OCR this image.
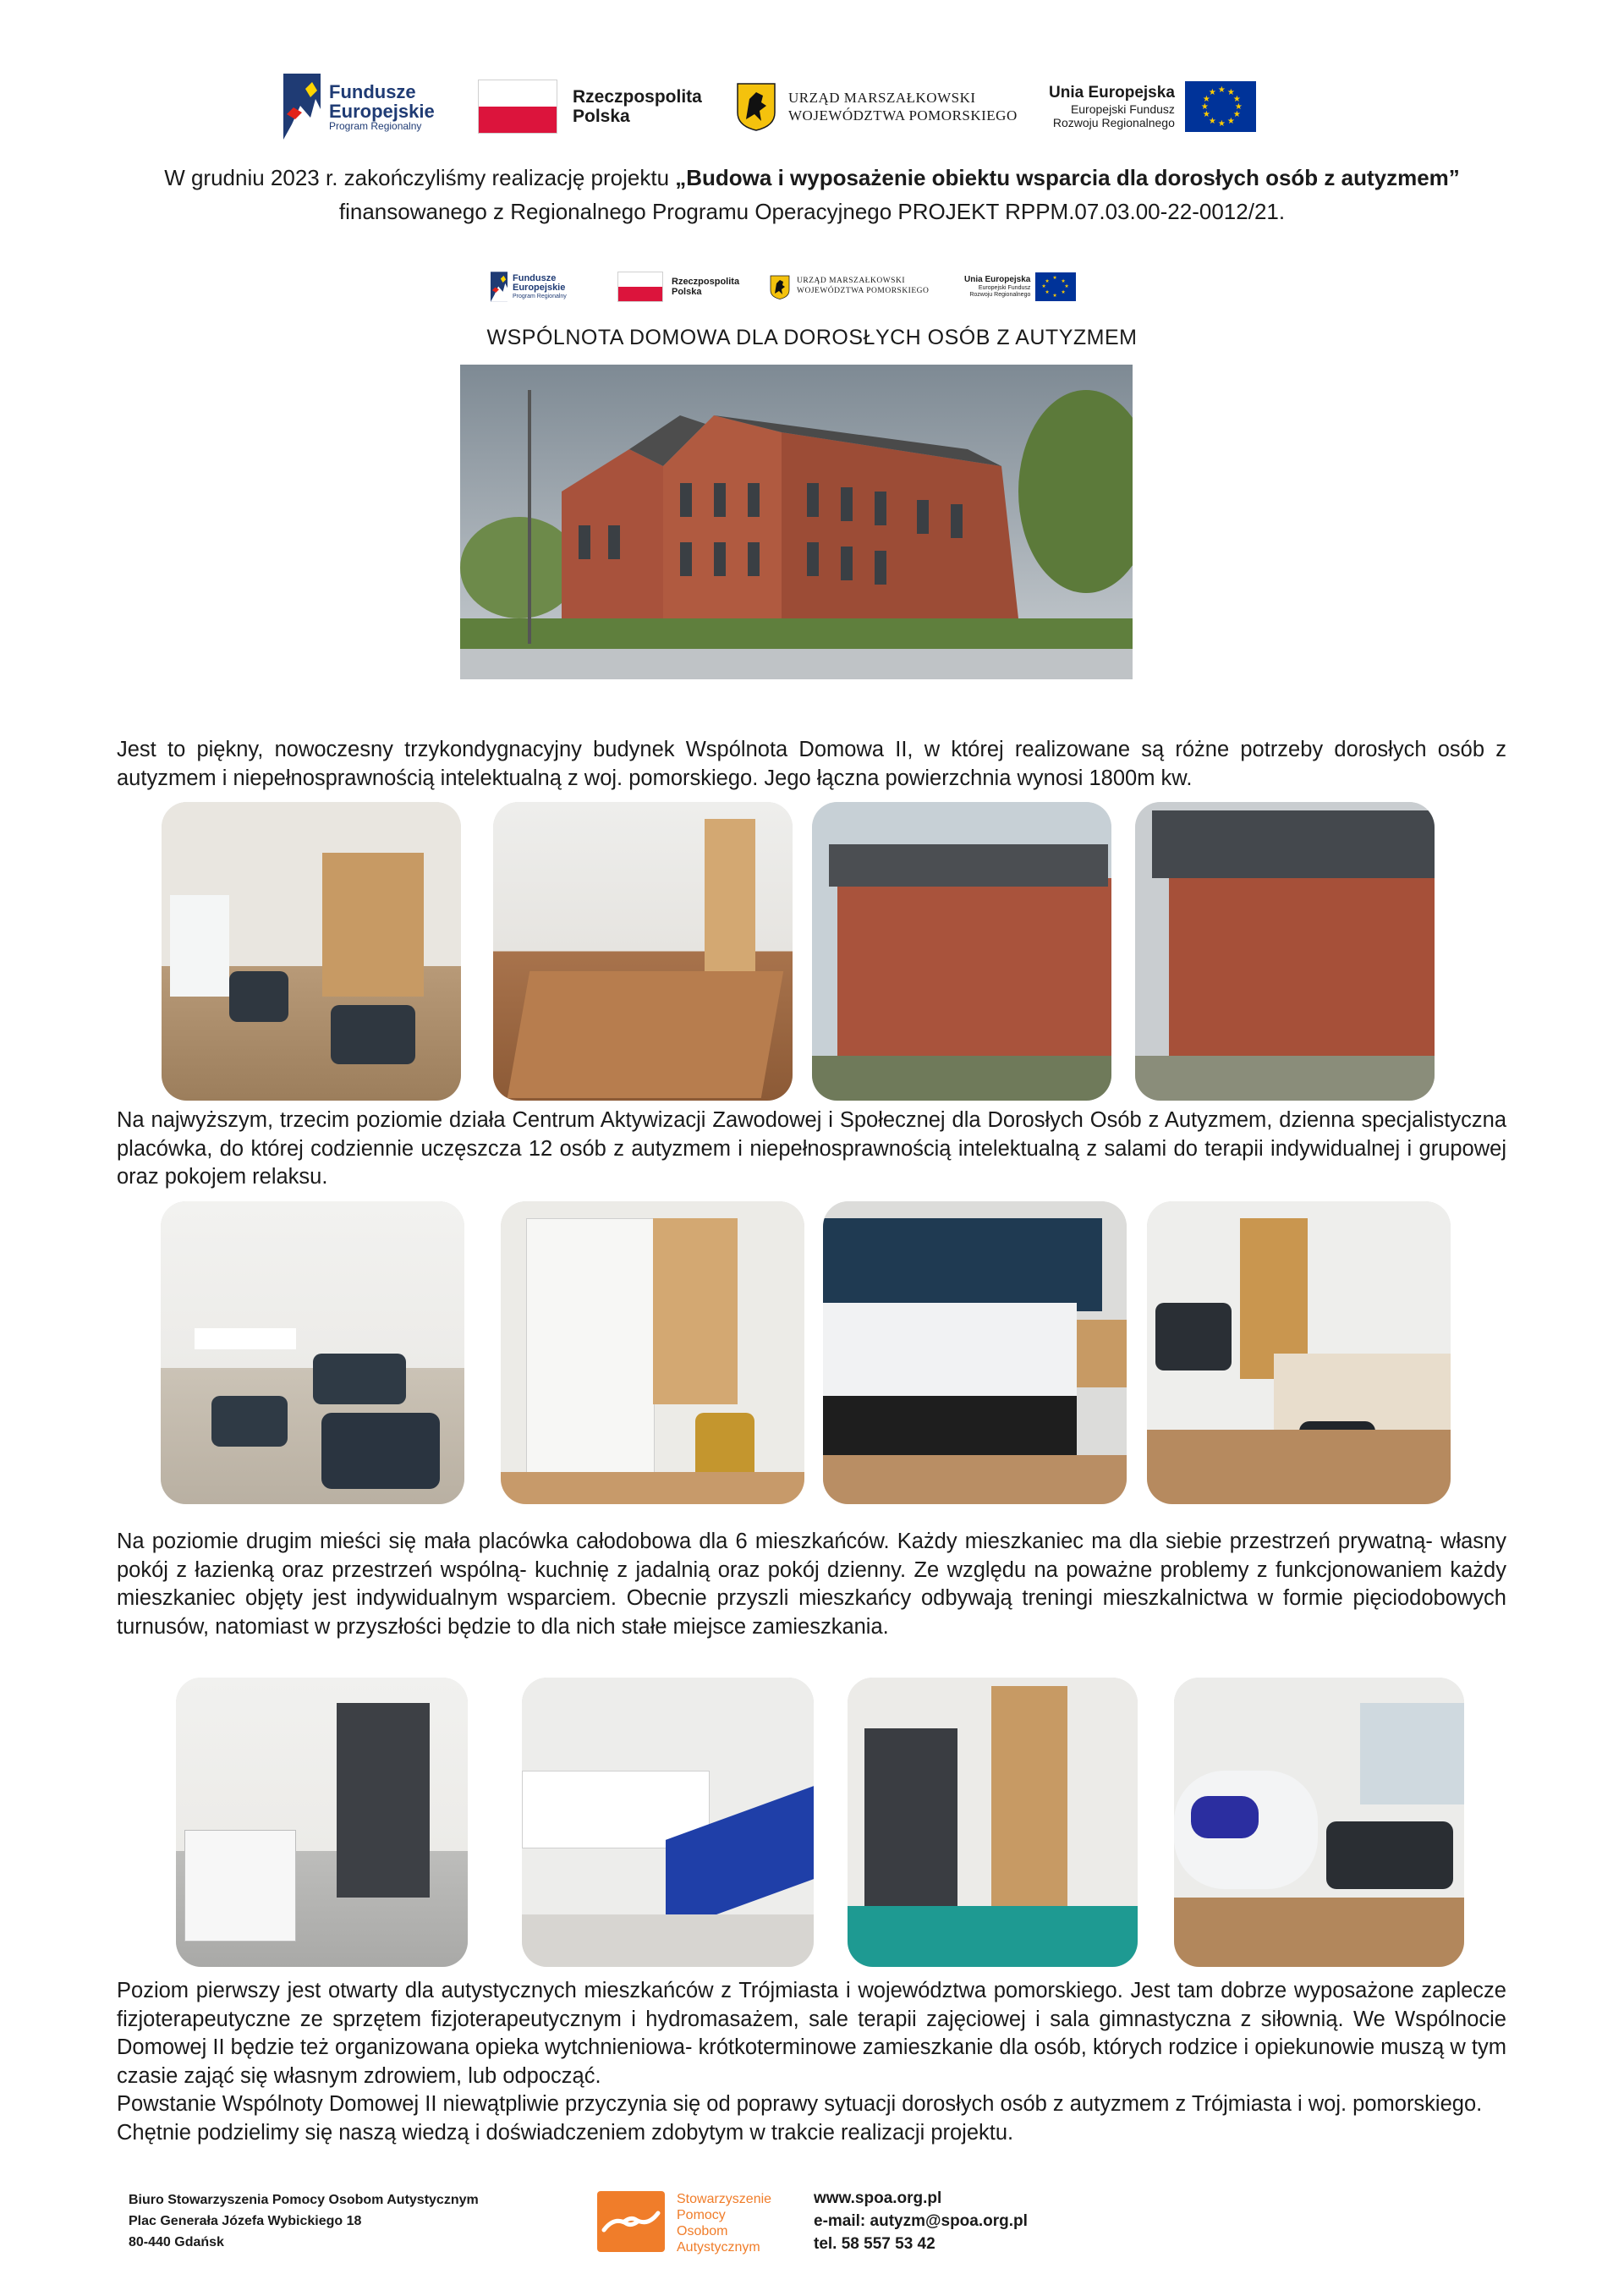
Fundusze
Europejskie
Program Regionalny
Rzeczpospolita
Polska
URZĄD MARSZAŁKOWSKI
WOJEWÓDZTWA POMORSKIEGO
Unia Europejska
Europejski Fundusz
Rozwoju Regionalnego
★ ★
★
★
★
★
★
★
★
★
★
★
W grudniu 2023 r. zakończyliśmy realizację projektu „Budowa i wyposażenie obiektu wsparcia dla dorosłych osób z autyzmem” finansowanego z Regionalnego Programu Operacyjnego PROJEKT RPPM.07.03.00-22-0012/21.
Fundusze
Europejskie
Program Regionalny
Rzeczpospolita
Polska
URZĄD MARSZAŁKOWSKI
WOJEWÓDZTWA POMORSKIEGO
Unia Europejska
Europejski Fundusz
Rozwoju Regionalnego
★
★
★
★
★
★
★
★
WSPÓLNOTA DOMOWA DLA DOROSŁYCH OSÓB Z AUTYZMEM
Jest to piękny, nowoczesny trzykondygnacyjny budynek Wspólnota Domowa II, w której realizowane są różne potrzeby dorosłych osób z autyzmem i niepełnosprawnością intelektualną z woj. pomorskiego. Jego łączna powierzchnia wynosi 1800m kw.
Na najwyższym, trzecim poziomie działa Centrum Aktywizacji Zawodowej i Społecznej dla Dorosłych Osób z Autyzmem, dzienna specjalistyczna placówka, do której codziennie uczęszcza 12 osób z autyzmem i niepełnosprawnością intelektualną z salami do terapii indywidualnej i grupowej oraz pokojem relaksu.
Na poziomie drugim mieści się mała placówka całodobowa dla 6 mieszkańców. Każdy mieszkaniec ma dla siebie przestrzeń prywatną- własny pokój z łazienką oraz przestrzeń wspólną- kuchnię z jadalnią oraz pokój dzienny. Ze względu na poważne problemy z funkcjonowaniem każdy mieszkaniec objęty jest indywidualnym wsparciem. Obecnie przyszli mieszkańcy odbywają treningi mieszkalnictwa w formie pięciodobowych turnusów, natomiast w przyszłości będzie to dla nich stałe miejsce zamieszkania.
Poziom pierwszy jest otwarty dla autystycznych mieszkańców z Trójmiasta i województwa pomorskiego. Jest tam dobrze wyposażone zaplecze fizjoterapeutyczne ze sprzętem fizjoterapeutycznym i hydromasażem, sale terapii zajęciowej i sala gimnastyczna z siłownią. We Wspólnocie Domowej II będzie też organizowana opieka wytchnieniowa- krótkoterminowe zamieszkanie dla osób, których rodzice i opiekunowie muszą w tym czasie zająć się własnym zdrowiem, lub odpocząć.
Powstanie Wspólnoty Domowej II niewątpliwie przyczynia się od poprawy sytuacji dorosłych osób z autyzmem z Trójmiasta i woj. pomorskiego.
Chętnie podzielimy się naszą wiedzą i doświadczeniem zdobytym w trakcie realizacji projektu.
Biuro Stowarzyszenia Pomocy Osobom Autystycznym
Plac Generała Józefa Wybickiego 18
80-440 Gdańsk
Stowarzyszenie
Pomocy
Osobom
Autystycznym
www.spoa.org.pl
e-mail: autyzm@spoa.org.pl
tel. 58 557 53 42
